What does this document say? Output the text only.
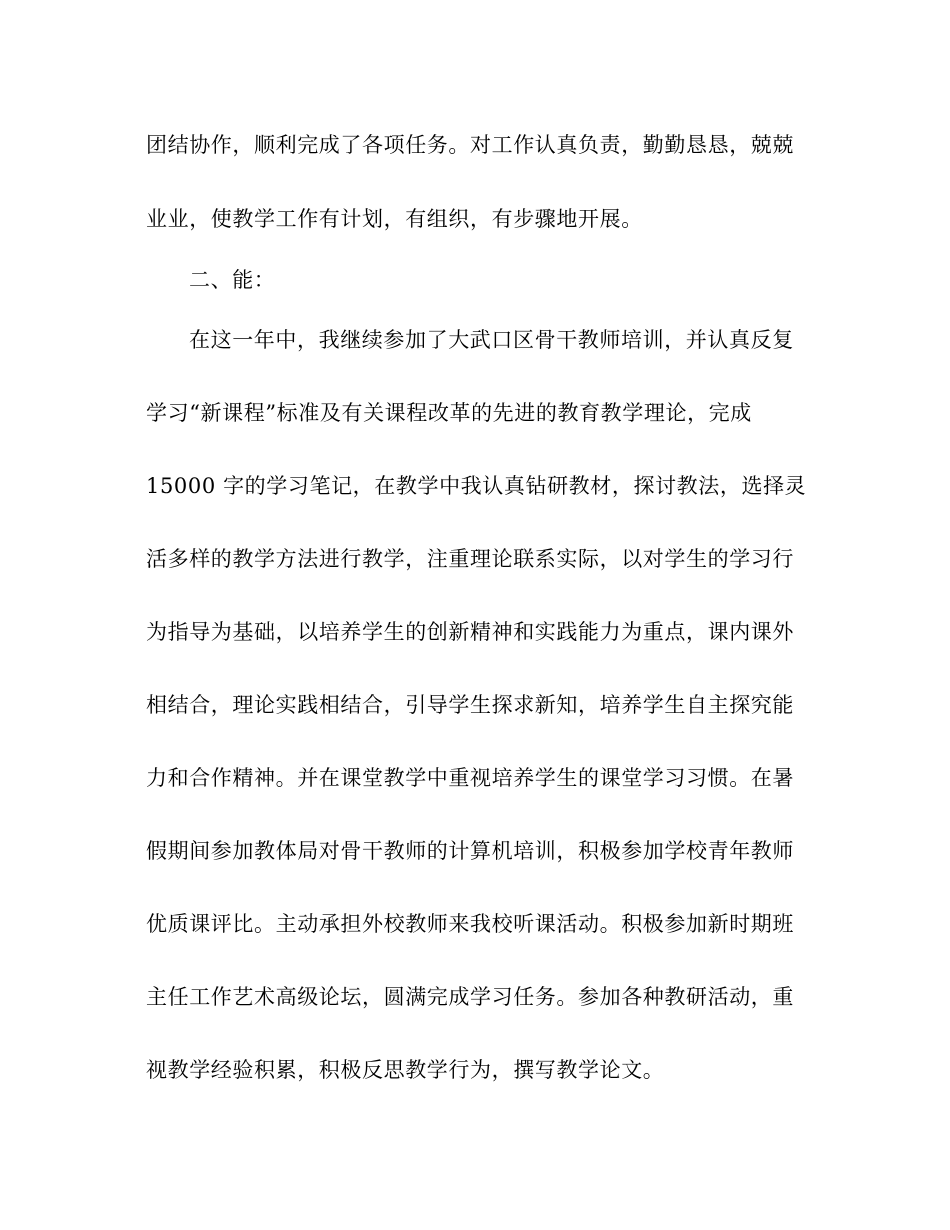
团结协作，顺利完成了各项任务。对工作认真负责，勤勤恳恳，兢兢
业业，使教学工作有计划，有组织，有步骤地开展。
二、能：
在这一年中，我继续参加了大武口区骨干教师培训，并认真反复
学习“新课程”标准及有关课程改革的先进的教育教学理论，完成
15000 字的学习笔记，在教学中我认真钻研教材，探讨教法，选择灵
活多样的教学方法进行教学，注重理论联系实际，以对学生的学习行
为指导为基础，以培养学生的创新精神和实践能力为重点，课内课外
相结合，理论实践相结合，引导学生探求新知，培养学生自主探究能
力和合作精神。并在课堂教学中重视培养学生的课堂学习习惯。在暑
假期间参加教体局对骨干教师的计算机培训，积极参加学校青年教师
优质课评比。主动承担外校教师来我校听课活动。积极参加新时期班
主任工作艺术高级论坛，圆满完成学习任务。参加各种教研活动，重
视教学经验积累，积极反思教学行为，撰写教学论文。
